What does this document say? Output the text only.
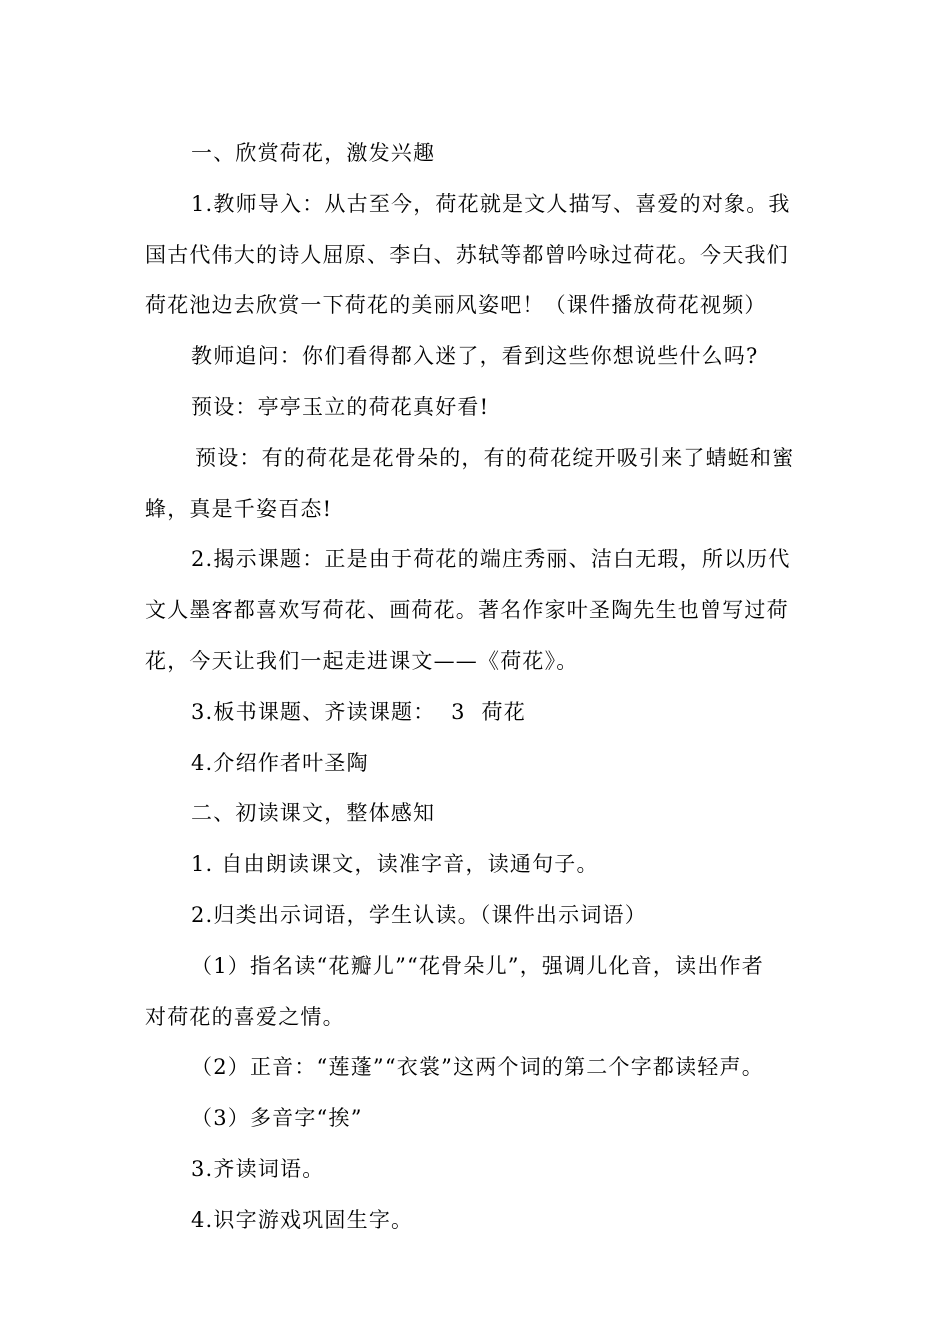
一、欣赏荷花，激发兴趣
1.教师导入：从古至今，荷花就是文人描写、喜爱的对象。我
国古代伟大的诗人屈原、李白、苏轼等都曾吟咏过荷花。今天我们
荷花池边去欣赏一下荷花的美丽风姿吧！（课件播放荷花视频）
教师追问：你们看得都入迷了，看到这些你想说些什么吗?
预设：亭亭玉立的荷花真好看!
预设：有的荷花是花骨朵的，有的荷花绽开吸引来了蜻蜓和蜜
蜂，真是千姿百态!
2.揭示课题：正是由于荷花的端庄秀丽、洁白无瑕，所以历代
文人墨客都喜欢写荷花、画荷花。著名作家叶圣陶先生也曾写过荷
花，今天让我们一起走进课文——《荷花》。
3.板书课题、齐读课题：  3  荷花
4.介绍作者叶圣陶
二、初读课文，整体感知
1. 自由朗读课文，读准字音，读通句子。
2.归类出示词语，学生认读。（课件出示词语）
（1）指名读“花瓣儿”“花骨朵儿”，强调儿化音，读出作者
对荷花的喜爱之情。
（2）正音：“莲蓬”“衣裳”这两个词的第二个字都读轻声。
（3）多音字“挨”
3.齐读词语。
4.识字游戏巩固生字。
